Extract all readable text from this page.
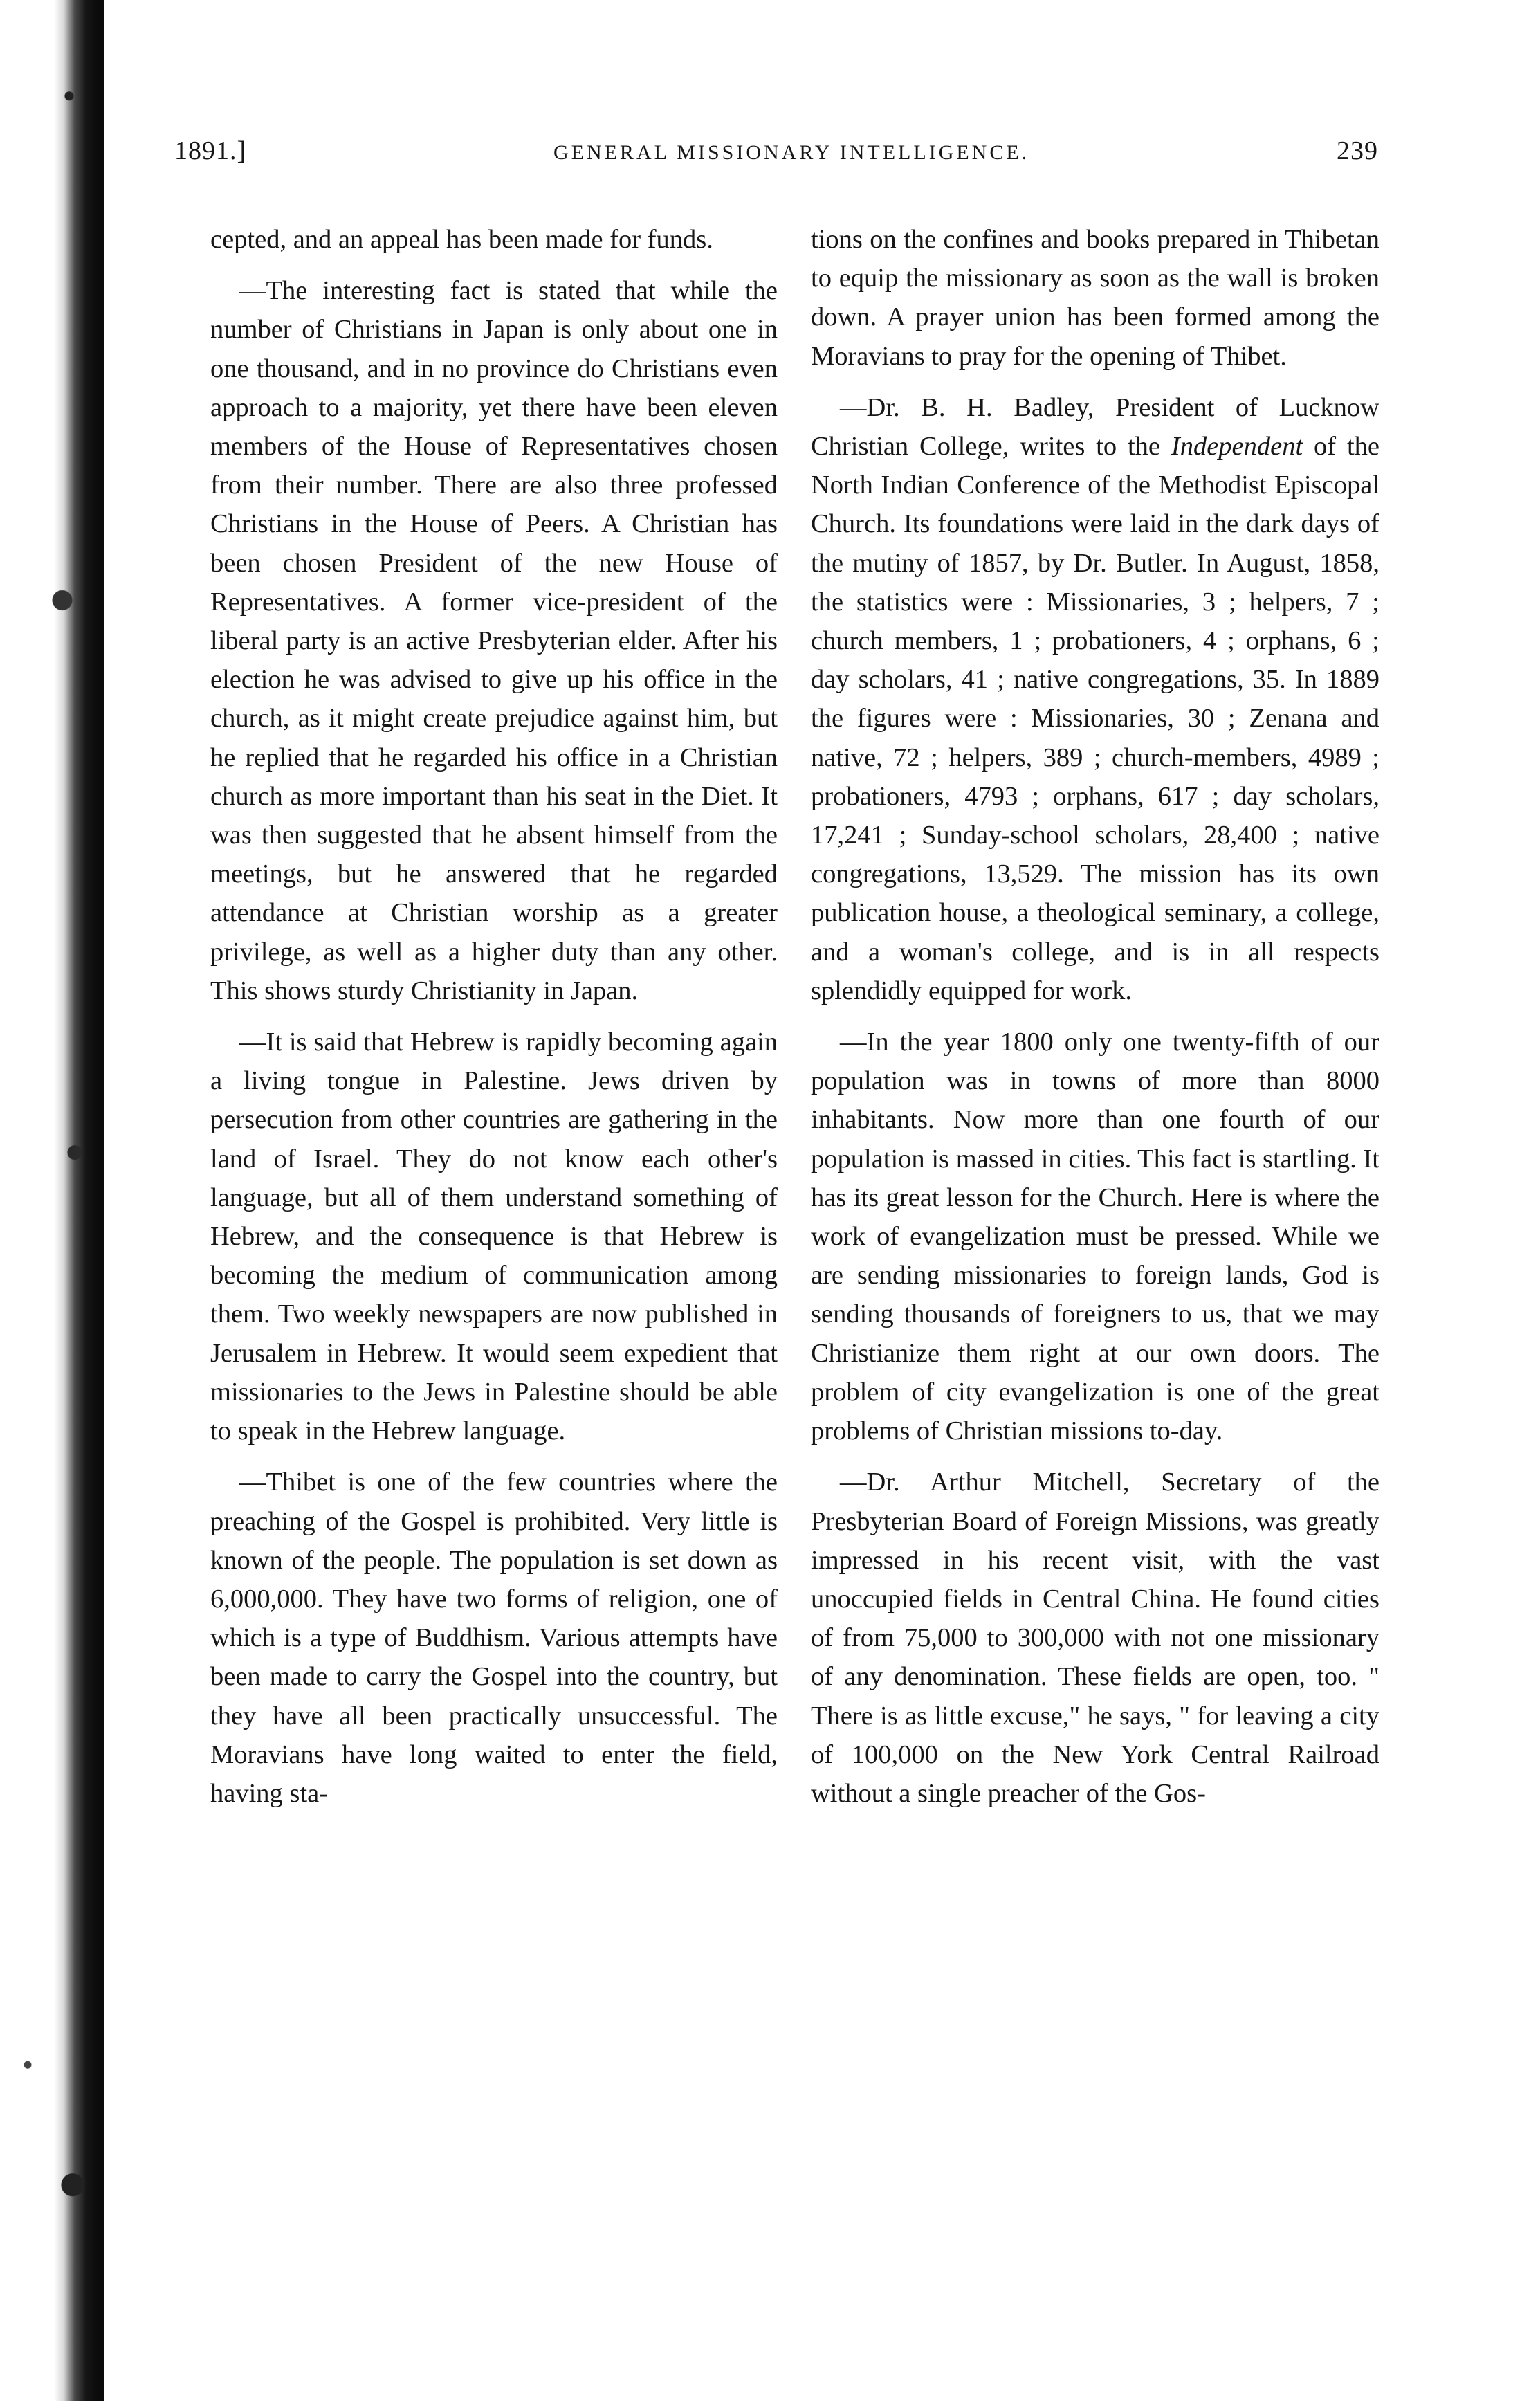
1891.]	GENERAL MISSIONARY INTELLIGENCE.	239

cepted, and an appeal has been made for funds.

—The interesting fact is stated that while the number of Christians in Japan is only about one in one thousand, and in no province do Christians even approach to a majority, yet there have been eleven members of the House of Representatives chosen from their number. There are also three professed Christians in the House of Peers. A Christian has been chosen President of the new House of Representatives. A former vice-president of the liberal party is an active Presbyterian elder. After his election he was advised to give up his office in the church, as it might create prejudice against him, but he replied that he regarded his office in a Christian church as more important than his seat in the Diet. It was then suggested that he absent himself from the meetings, but he answered that he regarded attendance at Christian worship as a greater privilege, as well as a higher duty than any other. This shows sturdy Christianity in Japan.

—It is said that Hebrew is rapidly becoming again a living tongue in Palestine. Jews driven by persecution from other countries are gathering in the land of Israel. They do not know each other's language, but all of them understand something of Hebrew, and the consequence is that Hebrew is becoming the medium of communication among them. Two weekly newspapers are now published in Jerusalem in Hebrew. It would seem expedient that missionaries to the Jews in Palestine should be able to speak in the Hebrew language.

—Thibet is one of the few countries where the preaching of the Gospel is prohibited. Very little is known of the people. The population is set down as 6,000,000. They have two forms of religion, one of which is a type of Buddhism. Various attempts have been made to carry the Gospel into the country, but they have all been practically unsuccessful. The Moravians have long waited to enter the field, having sta-

tions on the confines and books prepared in Thibetan to equip the missionary as soon as the wall is broken down. A prayer union has been formed among the Moravians to pray for the opening of Thibet.

—Dr. B. H. Badley, President of Lucknow Christian College, writes to the Independent of the North Indian Conference of the Methodist Episcopal Church. Its foundations were laid in the dark days of the mutiny of 1857, by Dr. Butler. In August, 1858, the statistics were : Missionaries, 3 ; helpers, 7 ; church members, 1 ; probationers, 4 ; orphans, 6 ; day scholars, 41 ; native congregations, 35. In 1889 the figures were : Missionaries, 30 ; Zenana and native, 72 ; helpers, 389 ; church-members, 4989 ; probationers, 4793 ; orphans, 617 ; day scholars, 17,241 ; Sunday-school scholars, 28,400 ; native congregations, 13,529. The mission has its own publication house, a theological seminary, a college, and a woman's college, and is in all respects splendidly equipped for work.

—In the year 1800 only one twenty-fifth of our population was in towns of more than 8000 inhabitants. Now more than one fourth of our population is massed in cities. This fact is startling. It has its great lesson for the Church. Here is where the work of evangelization must be pressed. While we are sending missionaries to foreign lands, God is sending thousands of foreigners to us, that we may Christianize them right at our own doors. The problem of city evangelization is one of the great problems of Christian missions to-day.

—Dr. Arthur Mitchell, Secretary of the Presbyterian Board of Foreign Missions, was greatly impressed in his recent visit, with the vast unoccupied fields in Central China. He found cities of from 75,000 to 300,000 with not one missionary of any denomination. These fields are open, too. " There is as little excuse," he says, " for leaving a city of 100,000 on the New York Central Railroad without a single preacher of the Gos-
